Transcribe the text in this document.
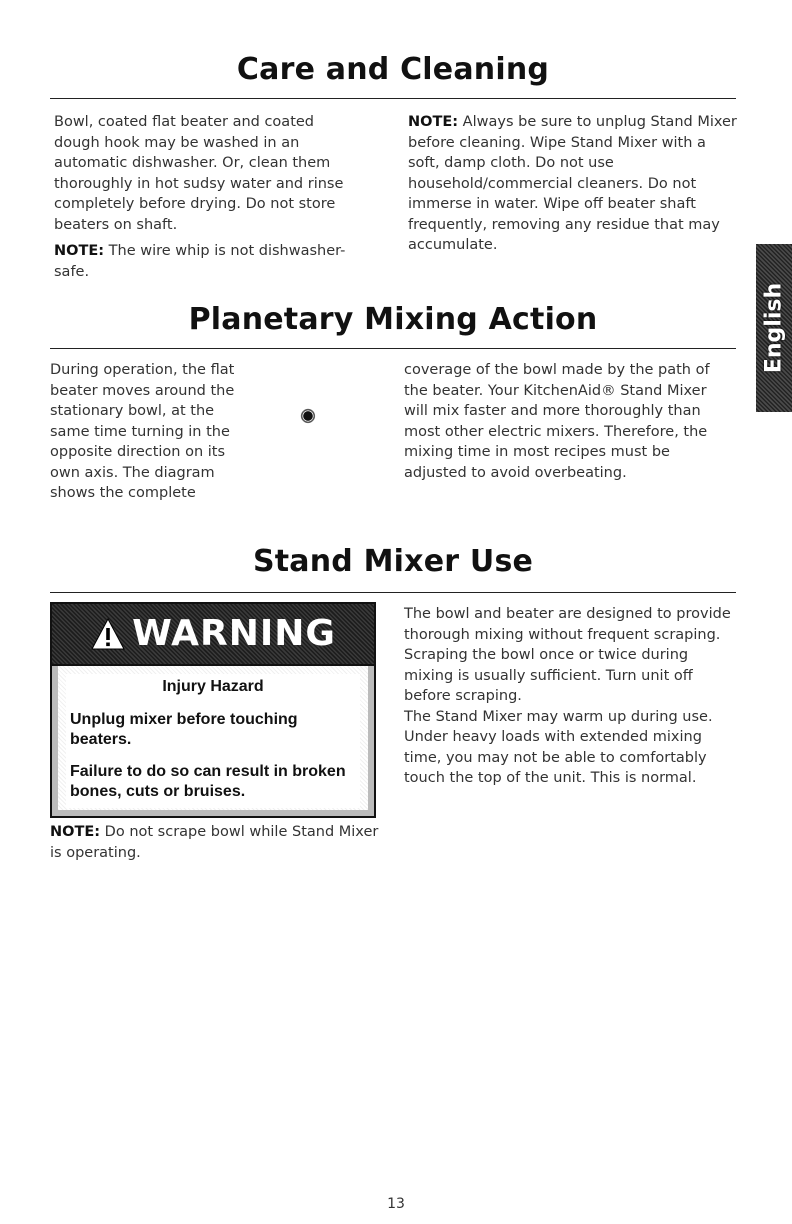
English
Care and Cleaning

Bowl, coated flat beater and coated dough hook may be washed in an automatic dishwasher. Or, clean them thoroughly in hot sudsy water and rinse completely before drying. Do not store beaters on shaft.

NOTE: The wire whip is not dishwasher-safe.

NOTE: Always be sure to unplug Stand Mixer before cleaning. Wipe Stand Mixer with a soft, damp cloth. Do not use household/commercial cleaners. Do not immerse in water. Wipe off beater shaft frequently, removing any residue that may accumulate.

Planetary Mixing Action
During operation, the flat beater moves around the stationary bowl, at the same time turning in the opposite direction on its own axis. The diagram shows the complete
coverage of the bowl made by the path of the beater. Your KitchenAid® Stand Mixer will mix faster and more thoroughly than most other electric mixers. Therefore, the mixing time in most recipes must be adjusted to avoid overbeating.
Stand Mixer Use
WARNING

Injury Hazard

Unplug mixer before touching beaters.

Failure to do so can result in broken bones, cuts or bruises.

NOTE: Do not scrape bowl while Stand Mixer is operating.

The bowl and beater are designed to provide thorough mixing without frequent scraping. Scraping the bowl once or twice during mixing is usually sufficient. Turn unit off before scraping.

The Stand Mixer may warm up during use. Under heavy loads with extended mixing time, you may not be able to comfortably touch the top of the unit. This is normal.

13
